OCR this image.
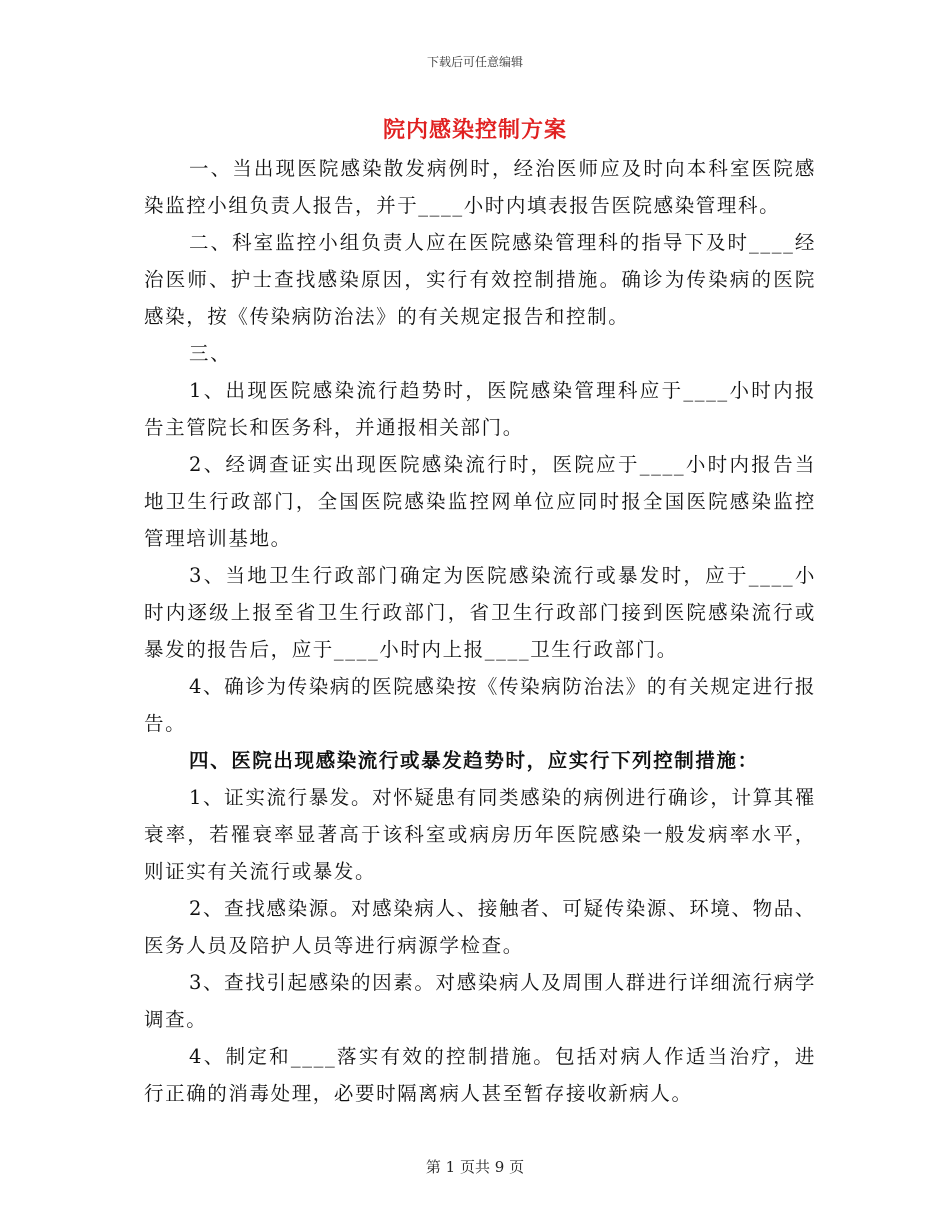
下载后可任意编辑
院内感染控制方案

一、当出现医院感染散发病例时，经治医师应及时向本科室医院感染监控小组负责人报告，并于____小时内填表报告医院感染管理科。

二、科室监控小组负责人应在医院感染管理科的指导下及时____经治医师、护士查找感染原因，实行有效控制措施。确诊为传染病的医院感染，按《传染病防治法》的有关规定报告和控制。

三、

1、出现医院感染流行趋势时，医院感染管理科应于____小时内报告主管院长和医务科，并通报相关部门。

2、经调查证实出现医院感染流行时，医院应于____小时内报告当地卫生行政部门，全国医院感染监控网单位应同时报全国医院感染监控管理培训基地。

3、当地卫生行政部门确定为医院感染流行或暴发时，应于____小时内逐级上报至省卫生行政部门，省卫生行政部门接到医院感染流行或暴发的报告后，应于____小时内上报____卫生行政部门。

4、确诊为传染病的医院感染按《传染病防治法》的有关规定进行报告。

四、医院出现感染流行或暴发趋势时，应实行下列控制措施：

1、证实流行暴发。对怀疑患有同类感染的病例进行确诊，计算其罹衰率，若罹衰率显著高于该科室或病房历年医院感染一般发病率水平，则证实有关流行或暴发。

2、查找感染源。对感染病人、接触者、可疑传染源、环境、物品、医务人员及陪护人员等进行病源学检查。

3、查找引起感染的因素。对感染病人及周围人群进行详细流行病学调查。

4、制定和____落实有效的控制措施。包括对病人作适当治疗，进行正确的消毒处理，必要时隔离病人甚至暂存接收新病人。

第 1 页共 9 页
